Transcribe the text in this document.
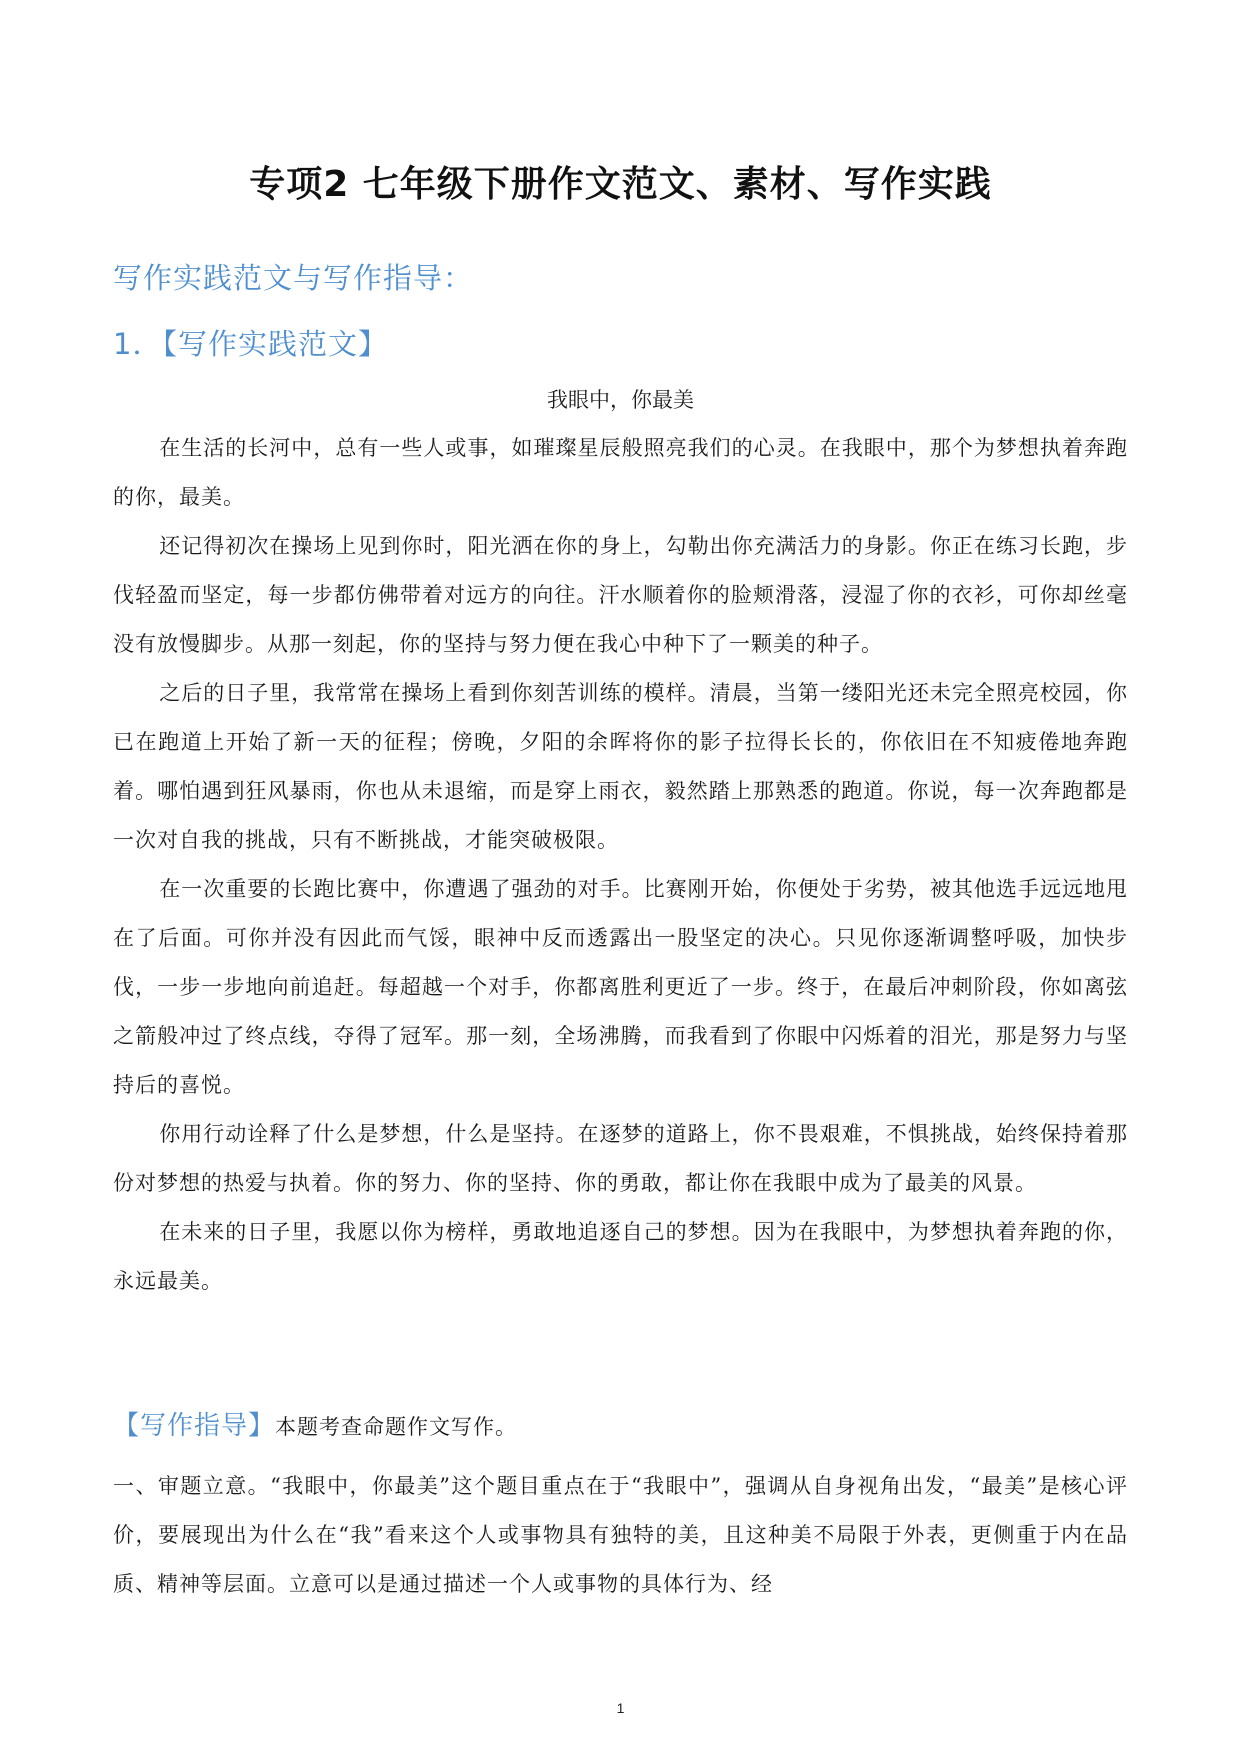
专项2 七年级下册作文范文、素材、写作实践
写作实践范文与写作指导：
1．【写作实践范文】
我眼中，你最美

在生活的长河中，总有一些人或事，如璀璨星辰般照亮我们的心灵。在我眼中，那个为梦想执着奔跑的你，最美。

还记得初次在操场上见到你时，阳光洒在你的身上，勾勒出你充满活力的身影。你正在练习长跑，步伐轻盈而坚定，每一步都仿佛带着对远方的向往。汗水顺着你的脸颊滑落，浸湿了你的衣衫，可你却丝毫没有放慢脚步。从那一刻起，你的坚持与努力便在我心中种下了一颗美的种子。

之后的日子里，我常常在操场上看到你刻苦训练的模样。清晨，当第一缕阳光还未完全照亮校园，你已在跑道上开始了新一天的征程；傍晚，夕阳的余晖将你的影子拉得长长的，你依旧在不知疲倦地奔跑着。哪怕遇到狂风暴雨，你也从未退缩，而是穿上雨衣，毅然踏上那熟悉的跑道。你说，每一次奔跑都是一次对自我的挑战，只有不断挑战，才能突破极限。

在一次重要的长跑比赛中，你遭遇了强劲的对手。比赛刚开始，你便处于劣势，被其他选手远远地甩在了后面。可你并没有因此而气馁，眼神中反而透露出一股坚定的决心。只见你逐渐调整呼吸，加快步伐，一步一步地向前追赶。每超越一个对手，你都离胜利更近了一步。终于，在最后冲刺阶段，你如离弦之箭般冲过了终点线，夺得了冠军。那一刻，全场沸腾，而我看到了你眼中闪烁着的泪光，那是努力与坚持后的喜悦。

你用行动诠释了什么是梦想，什么是坚持。在逐梦的道路上，你不畏艰难，不惧挑战，始终保持着那份对梦想的热爱与执着。你的努力、你的坚持、你的勇敢，都让你在我眼中成为了最美的风景。

在未来的日子里，我愿以你为榜样，勇敢地追逐自己的梦想。因为在我眼中，为梦想执着奔跑的你，永远最美。

【写作指导】本题考查命题作文写作。

一、审题立意。“我眼中，你最美”这个题目重点在于“我眼中”，强调从自身视角出发，“最美”是核心评价，要展现出为什么在“我”看来这个人或事物具有独特的美，且这种美不局限于外表，更侧重于内在品质、精神等层面。立意可以是通过描述一个人或事物的具体行为、经

1
